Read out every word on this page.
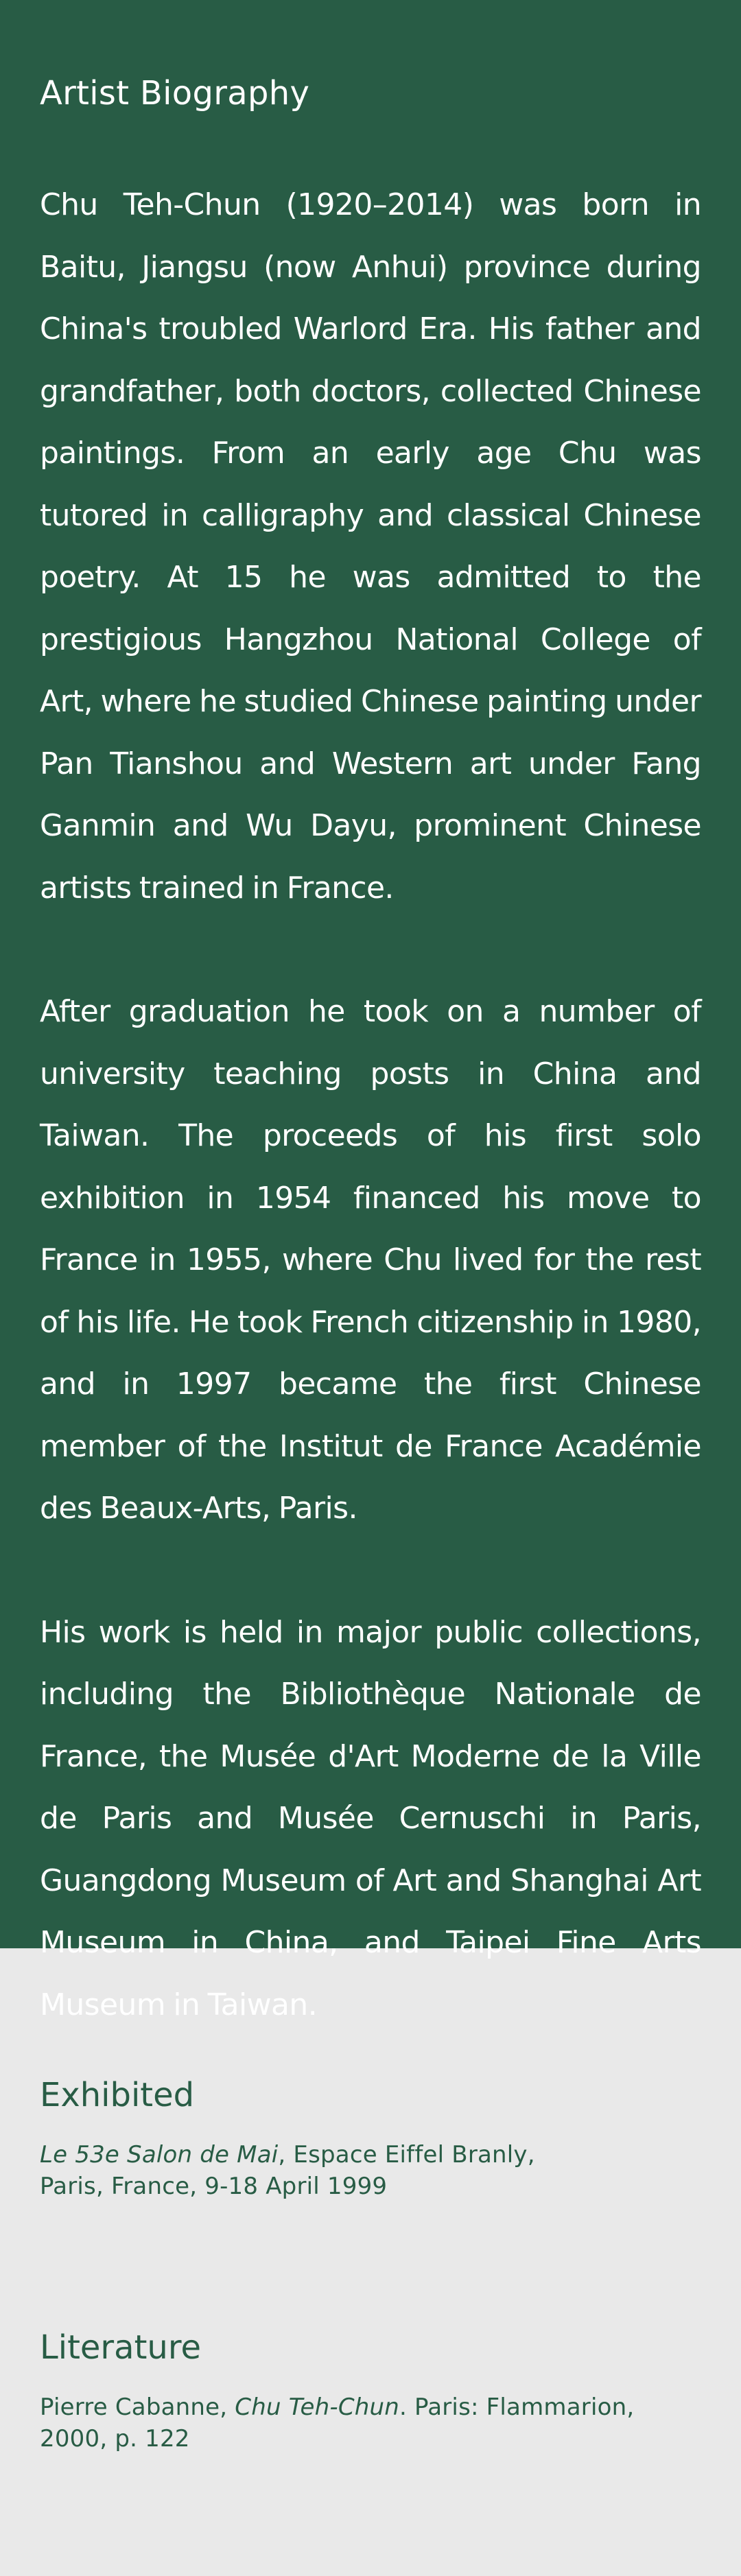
Artist Biography

Chu Teh-Chun (1920–2014) was born in Baitu, Jiangsu (now Anhui) province during China's troubled Warlord Era. His father and grandfather, both doctors, collected Chinese paintings. From an early age Chu was tutored in calligraphy and classical Chinese poetry. At 15 he was admitted to the prestigious Hangzhou National College of Art, where he studied Chinese painting under Pan Tianshou and Western art under Fang Ganmin and Wu Dayu, prominent Chinese artists trained in France.

After graduation he took on a number of university teaching posts in China and Taiwan. The proceeds of his first solo exhibition in 1954 financed his move to France in 1955, where Chu lived for the rest of his life. He took French citizenship in 1980, and in 1997 became the first Chinese member of the Institut de France Académie des Beaux-Arts, Paris.

His work is held in major public collections, including the Bibliothèque Nationale de France, the Musée d'Art Moderne de la Ville de Paris and Musée Cernuschi in Paris, Guangdong Museum of Art and Shanghai Art Museum in China, and Taipei Fine Arts Museum in Taiwan.

Exhibited

Le 53e Salon de Mai, Espace Eiffel Branly,
Paris, France, 9-18 April 1999

Literature

Pierre Cabanne, Chu Teh-Chun. Paris: Flammarion,
2000, p. 122
